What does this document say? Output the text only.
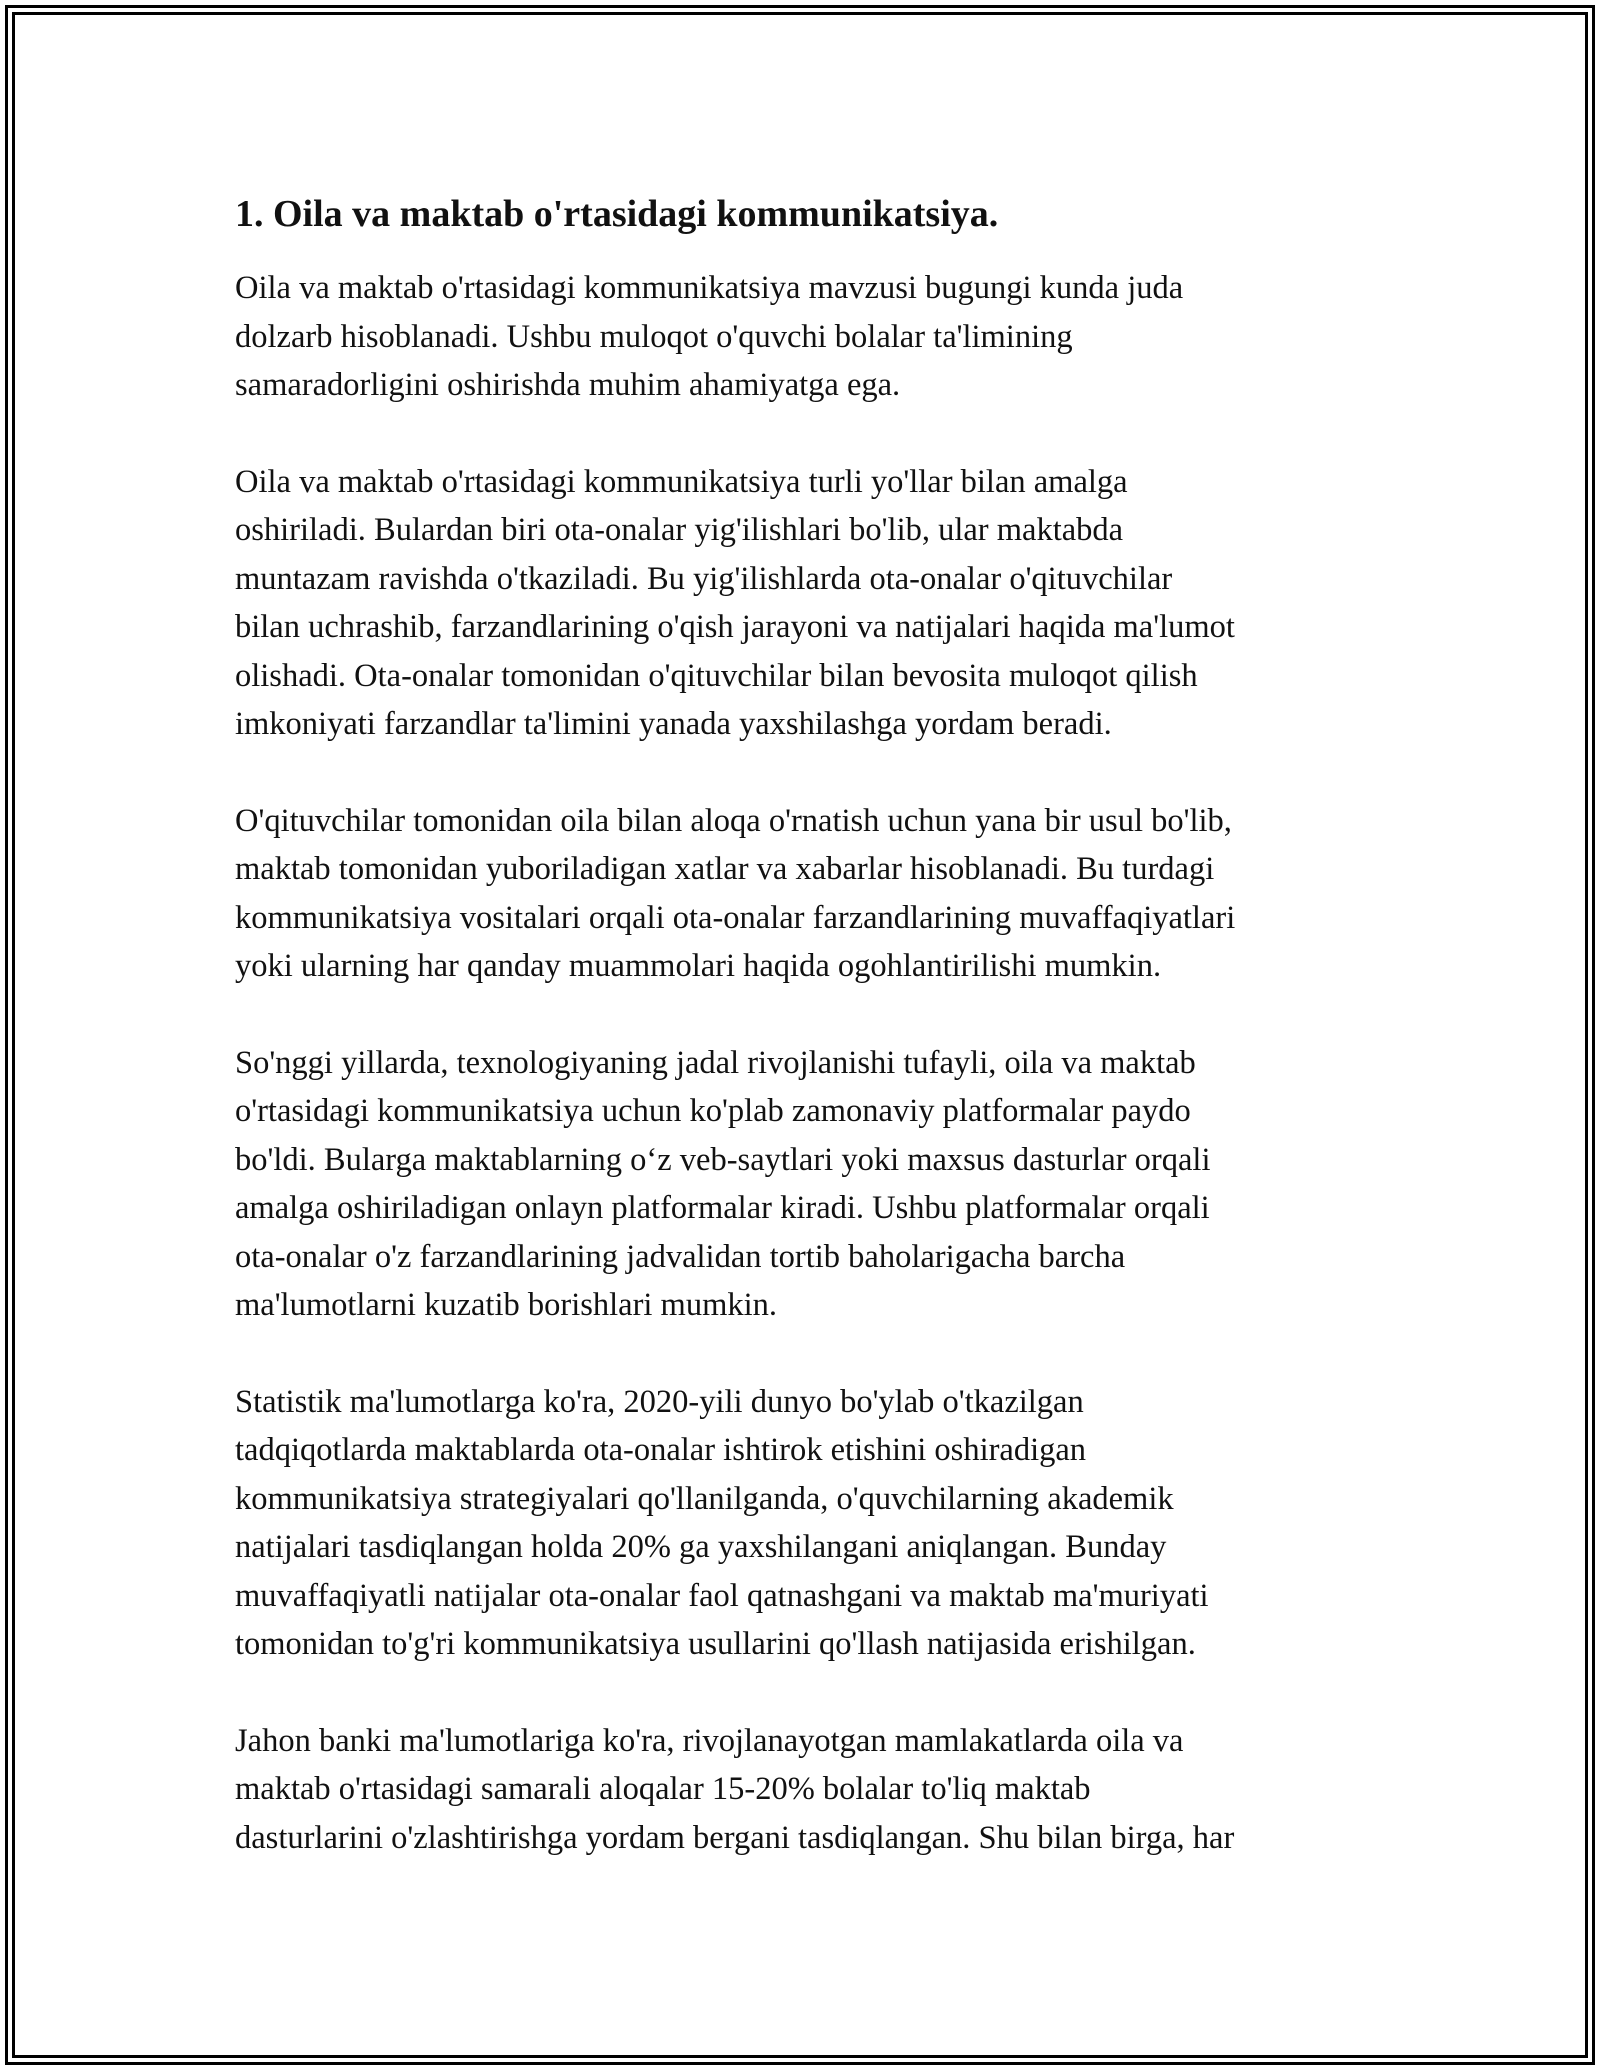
1. Oila va maktab o'rtasidagi kommunikatsiya.

Oila va maktab o'rtasidagi kommunikatsiya mavzusi bugungi kunda juda
dolzarb hisoblanadi. Ushbu muloqot o'quvchi bolalar ta'limining
samaradorligini oshirishda muhim ahamiyatga ega.

Oila va maktab o'rtasidagi kommunikatsiya turli yo'llar bilan amalga
oshiriladi. Bulardan biri ota-onalar yig'ilishlari bo'lib, ular maktabda
muntazam ravishda o'tkaziladi. Bu yig'ilishlarda ota-onalar o'qituvchilar
bilan uchrashib, farzandlarining o'qish jarayoni va natijalari haqida ma'lumot
olishadi. Ota-onalar tomonidan o'qituvchilar bilan bevosita muloqot qilish
imkoniyati farzandlar ta'limini yanada yaxshilashga yordam beradi.

O'qituvchilar tomonidan oila bilan aloqa o'rnatish uchun yana bir usul bo'lib,
maktab tomonidan yuboriladigan xatlar va xabarlar hisoblanadi. Bu turdagi
kommunikatsiya vositalari orqali ota-onalar farzandlarining muvaffaqiyatlari
yoki ularning har qanday muammolari haqida ogohlantirilishi mumkin.

So'nggi yillarda, texnologiyaning jadal rivojlanishi tufayli, oila va maktab
o'rtasidagi kommunikatsiya uchun ko'plab zamonaviy platformalar paydo
bo'ldi. Bularga maktablarning o‘z veb-saytlari yoki maxsus dasturlar orqali
amalga oshiriladigan onlayn platformalar kiradi. Ushbu platformalar orqali
ota-onalar o'z farzandlarining jadvalidan tortib baholarigacha barcha
ma'lumotlarni kuzatib borishlari mumkin.

Statistik ma'lumotlarga ko'ra, 2020-yili dunyo bo'ylab o'tkazilgan
tadqiqotlarda maktablarda ota-onalar ishtirok etishini oshiradigan
kommunikatsiya strategiyalari qo'llanilganda, o'quvchilarning akademik
natijalari tasdiqlangan holda 20% ga yaxshilangani aniqlangan. Bunday
muvaffaqiyatli natijalar ota-onalar faol qatnashgani va maktab ma'muriyati
tomonidan to'g'ri kommunikatsiya usullarini qo'llash natijasida erishilgan.

Jahon banki ma'lumotlariga ko'ra, rivojlanayotgan mamlakatlarda oila va
maktab o'rtasidagi samarali aloqalar 15-20% bolalar to'liq maktab
dasturlarini o'zlashtirishga yordam bergani tasdiqlangan. Shu bilan birga, har
